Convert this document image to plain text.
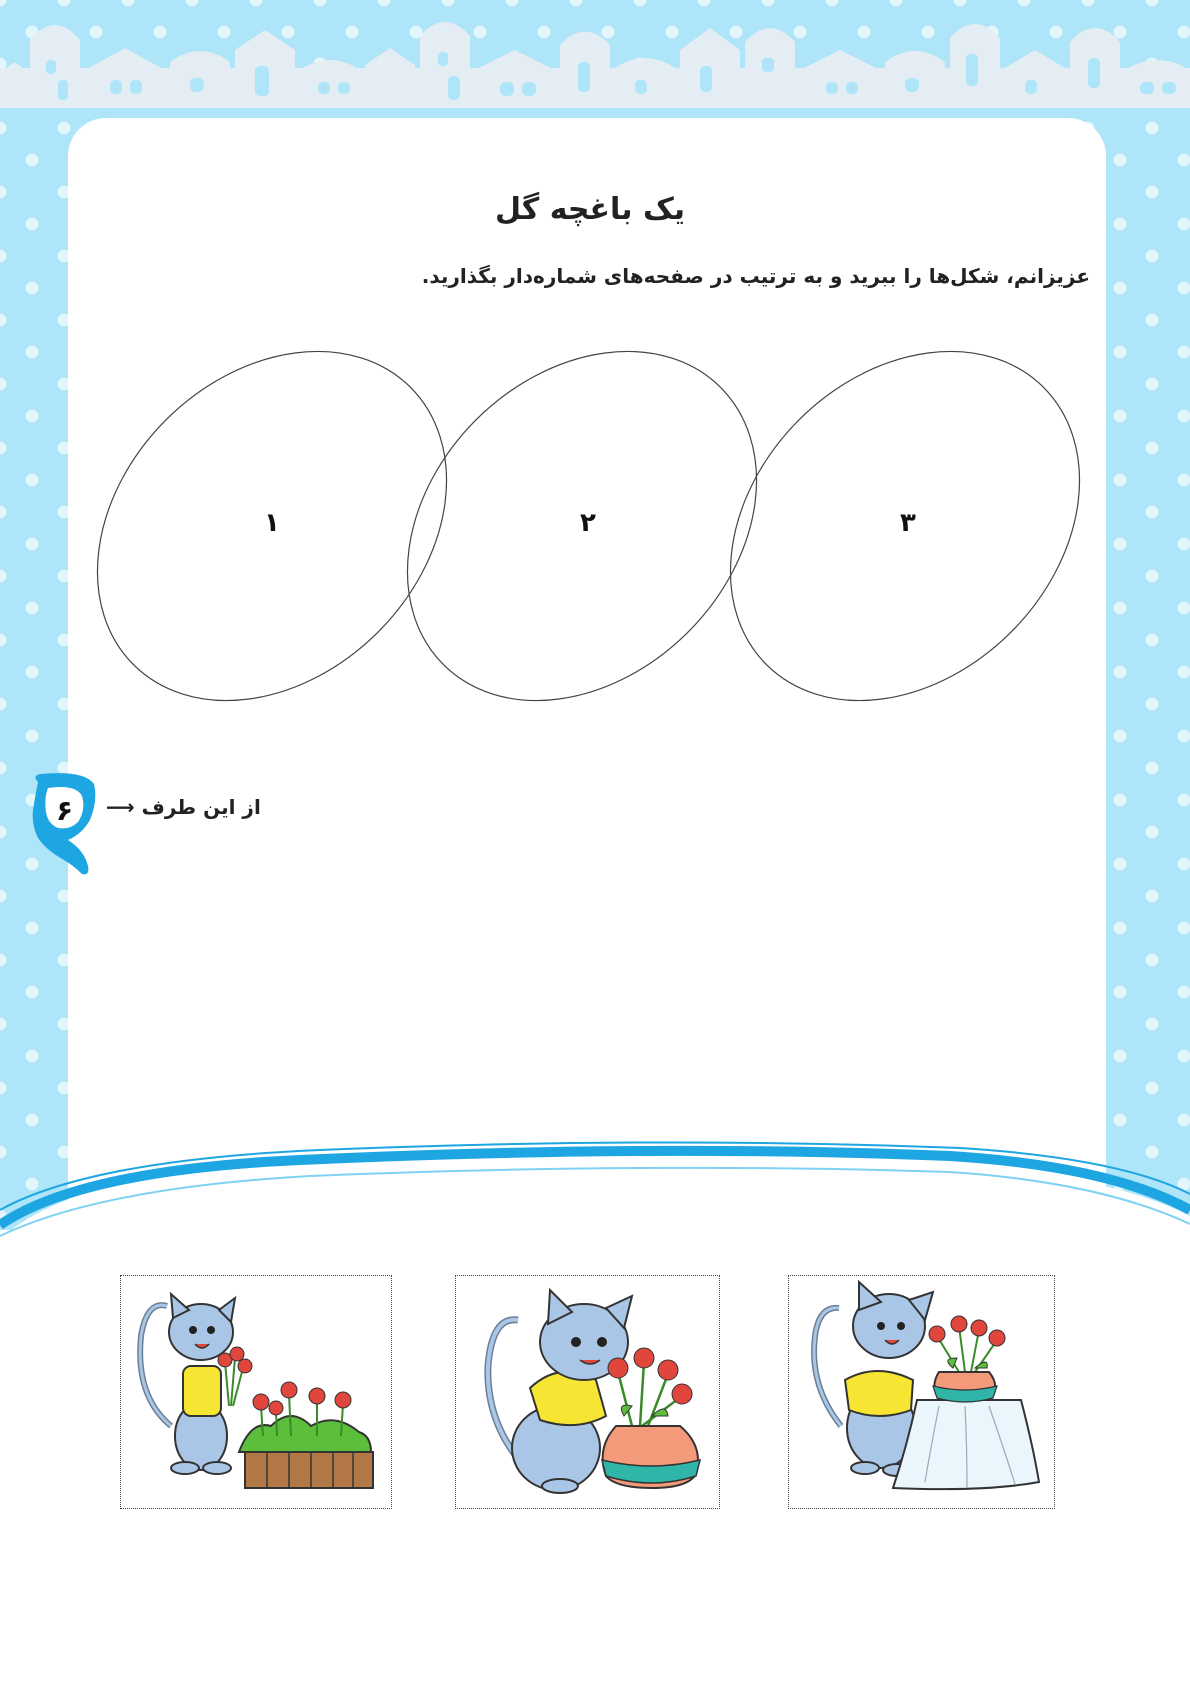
یک باغچه گل
عزیزانم، شکل‌ها را ببرید و به ترتیب در صفحه‌های شماره‌دار بگذارید.
۱	۲	۳
۶ از این طرف ⟶
